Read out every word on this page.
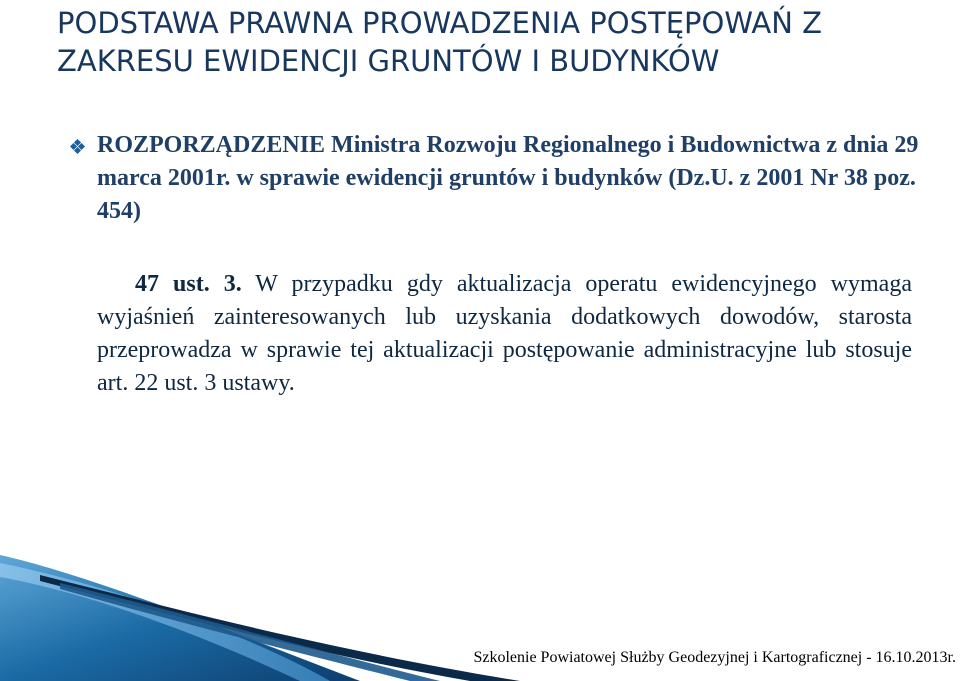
PODSTAWA PRAWNA PROWADZENIA POSTĘPOWAŃ Z ZAKRESU EWIDENCJI GRUNTÓW I BUDYNKÓW

ROZPORZĄDZENIE Ministra Rozwoju Regionalnego i Budownictwa z dnia 29 marca 2001r. w sprawie ewidencji gruntów i budynków (Dz.U. z 2001 Nr 38 poz. 454)

47 ust. 3. W przypadku gdy aktualizacja operatu ewidencyjnego wymaga wyjaśnień zainteresowanych lub uzyskania dodatkowych dowodów, starosta przeprowadza w sprawie tej aktualizacji postępowanie administracyjne lub stosuje art. 22 ust. 3 ustawy.

Szkolenie Powiatowej Służby Geodezyjnej i Kartograficznej - 16.10.2013r.
